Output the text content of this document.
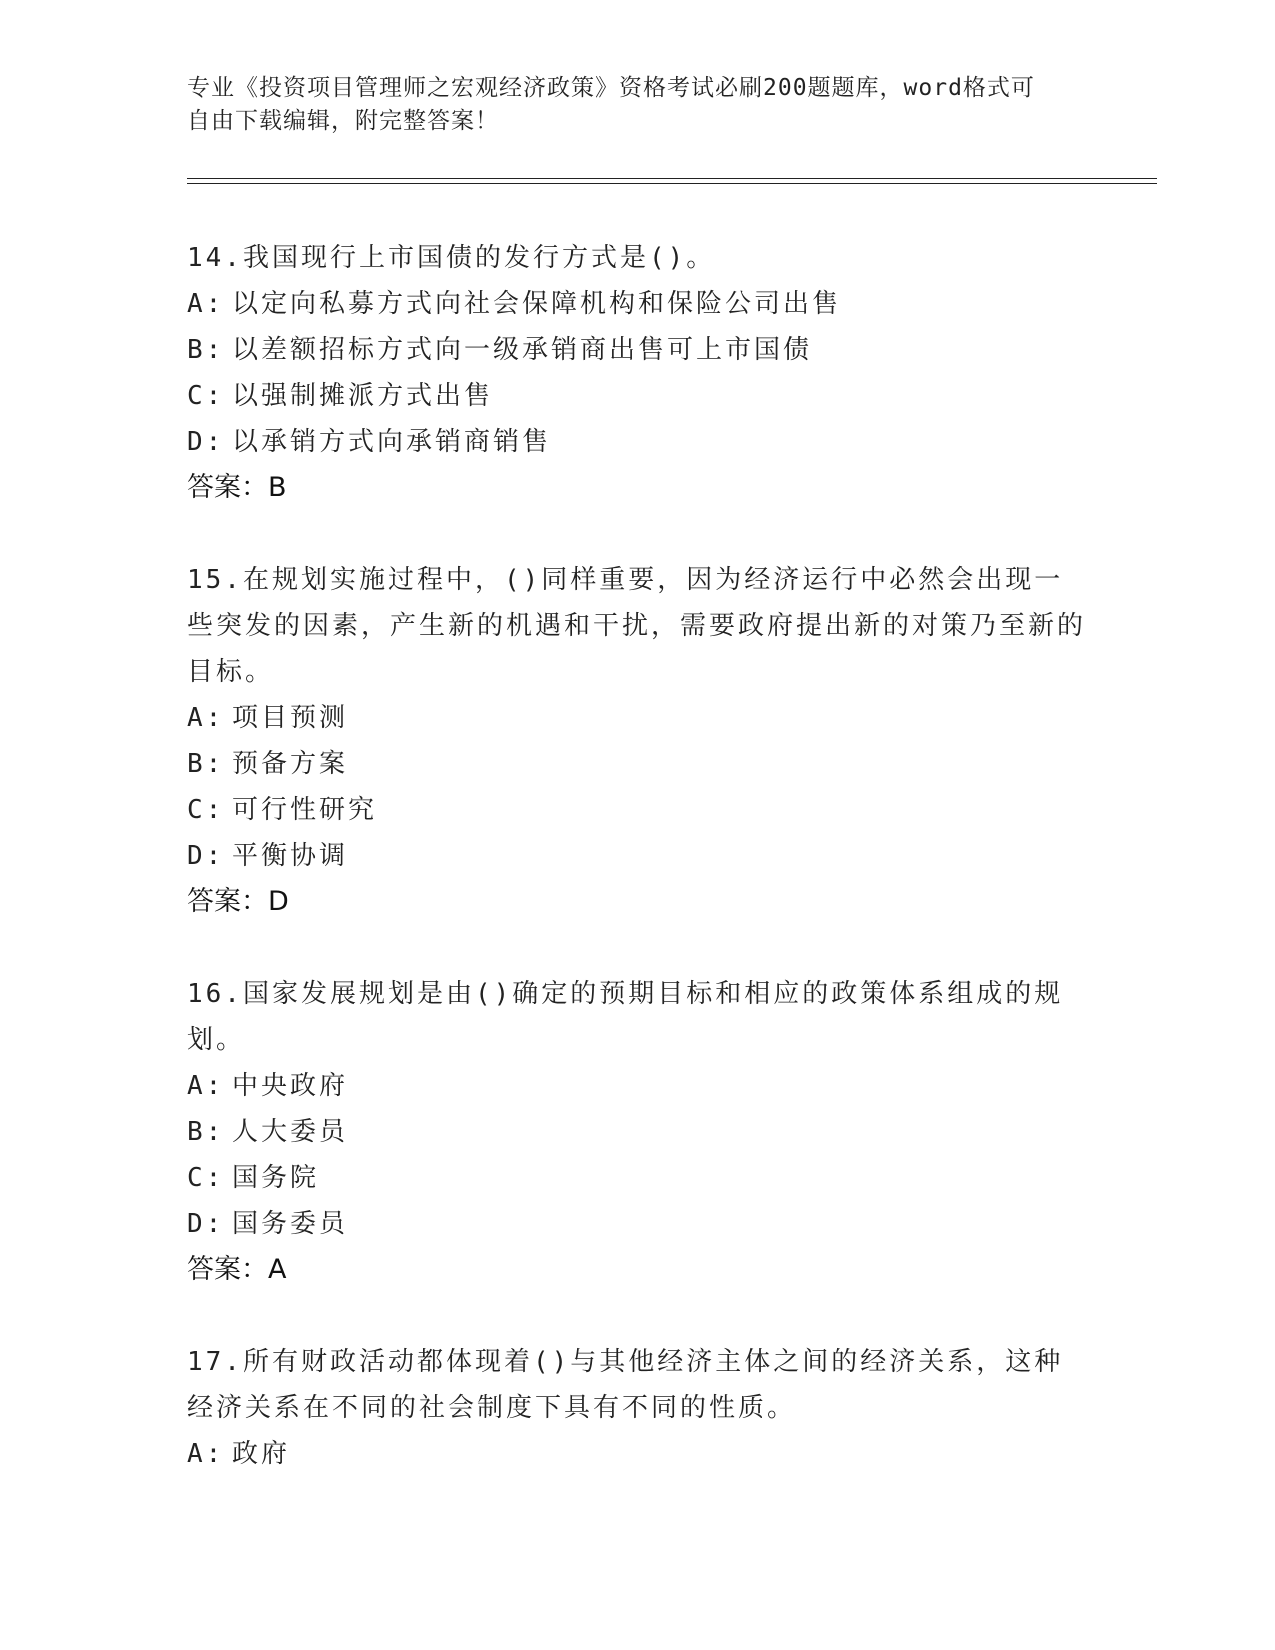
专业《投资项目管理师之宏观经济政策》资格考试必刷200题题库，word格式可
自由下载编辑，附完整答案！
14.我国现行上市国债的发行方式是()。
A: 以定向私募方式向社会保障机构和保险公司出售
B: 以差额招标方式向一级承销商出售可上市国债
C: 以强制摊派方式出售
D: 以承销方式向承销商销售
答案：B
15.在规划实施过程中，()同样重要，因为经济运行中必然会出现一些突发的因素，产生新的机遇和干扰，需要政府提出新的对策乃至新的目标。
A: 项目预测
B: 预备方案
C: 可行性研究
D: 平衡协调
答案：D
16.国家发展规划是由()确定的预期目标和相应的政策体系组成的规划。
A: 中央政府
B: 人大委员
C: 国务院
D: 国务委员
答案：A
17.所有财政活动都体现着()与其他经济主体之间的经济关系，这种经济关系在不同的社会制度下具有不同的性质。
A: 政府
